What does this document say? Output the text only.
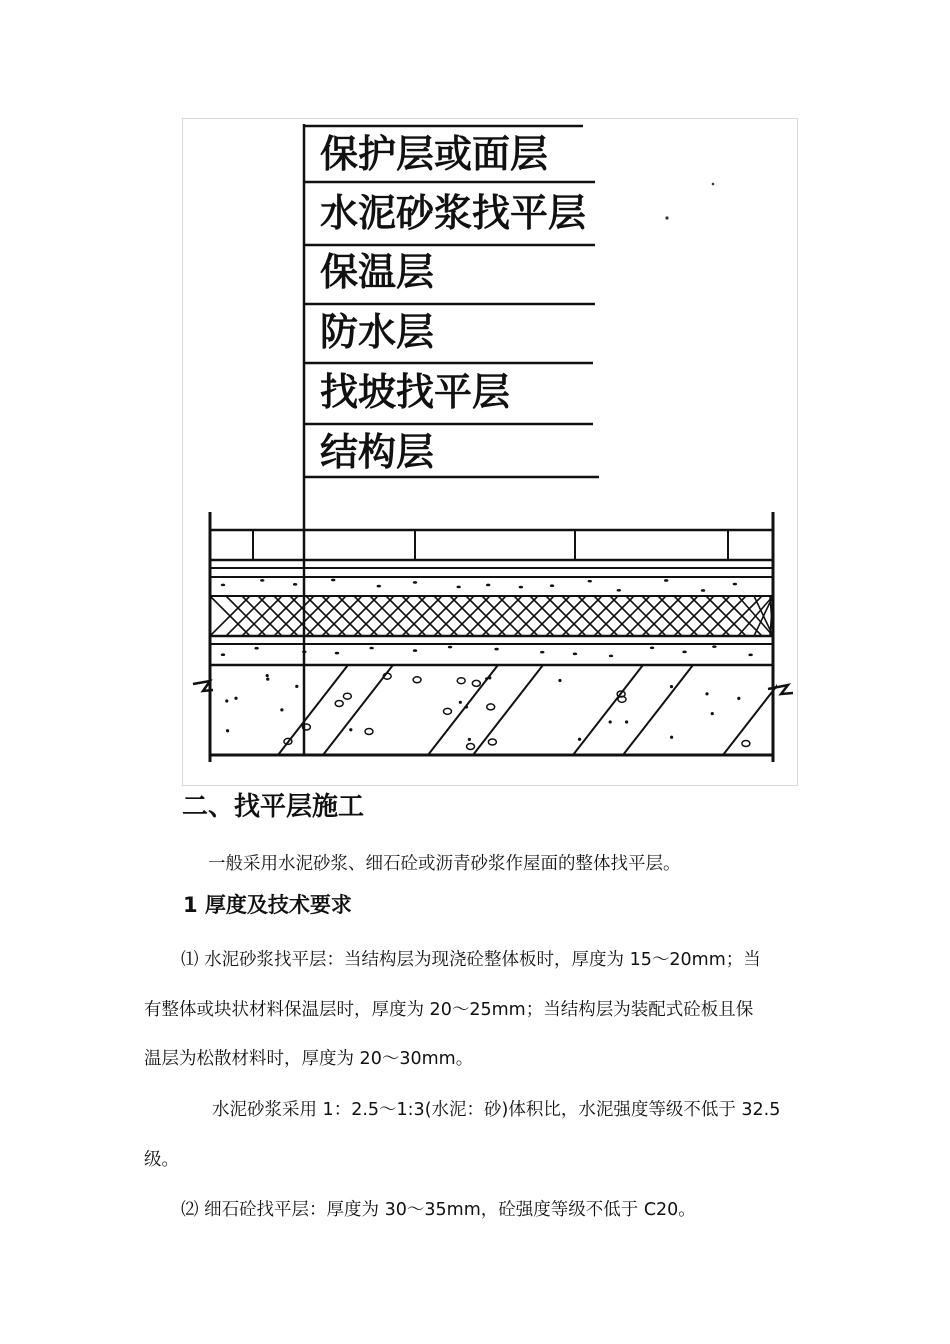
保护层或面层
水泥砂浆找平层
保温层
防水层
找坡找平层
结构层
二、找平层施工
一般采用水泥砂浆、细石砼或沥青砂浆作屋面的整体找平层。
1 厚度及技术要求
⑴ 水泥砂浆找平层：当结构层为现浇砼整体板时，厚度为 15～20mm；当
有整体或块状材料保温层时，厚度为 20～25mm；当结构层为装配式砼板且保
温层为松散材料时，厚度为 20～30mm。
水泥砂浆采用 1：2.5～1:3(水泥：砂)体积比，水泥强度等级不低于 32.5
级。
⑵ 细石砼找平层：厚度为 30～35mm，砼强度等级不低于 C20。
